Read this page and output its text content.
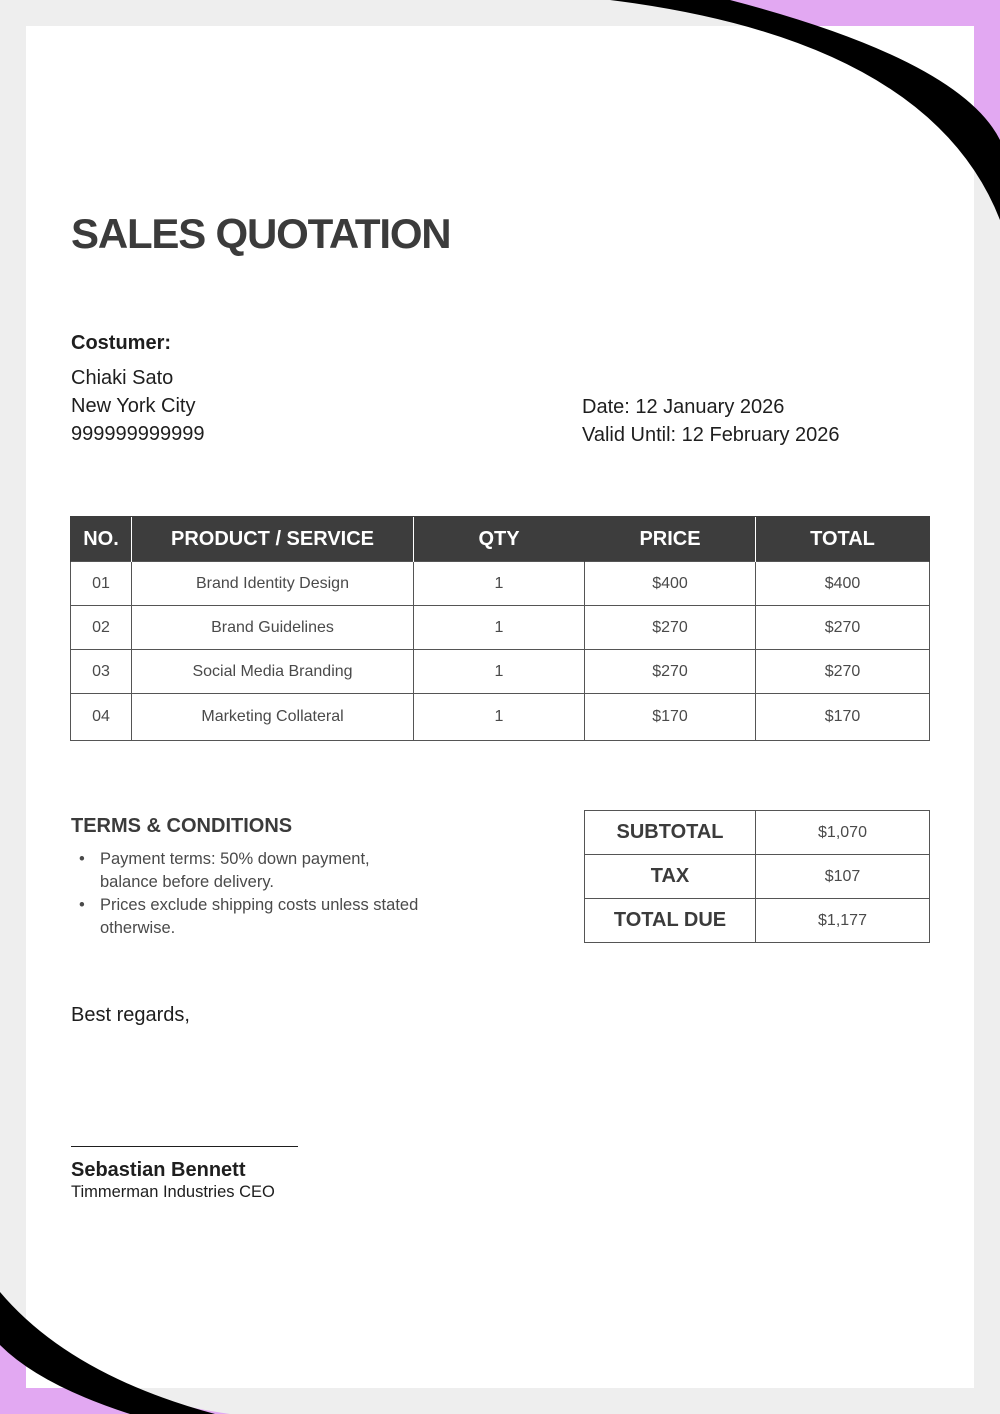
SALES QUOTATION
Costumer:
Chiaki Sato
New York City
999999999999
Date: 12 January 2026
Valid Until: 12 February 2026
NO.	PRODUCT / SERVICE	QTY	PRICE	TOTAL
01	Brand Identity Design	1	$400	$400
02	Brand Guidelines	1	$270	$270
03	Social Media Branding	1	$270	$270
04	Marketing Collateral	1	$170	$170
TERMS & CONDITIONS
• Payment terms: 50% down payment, balance before delivery.
• Prices exclude shipping costs unless stated otherwise.
SUBTOTAL	$1,070
TAX	$107
TOTAL DUE	$1,177
Best regards,
Sebastian Bennett
Timmerman Industries CEO
